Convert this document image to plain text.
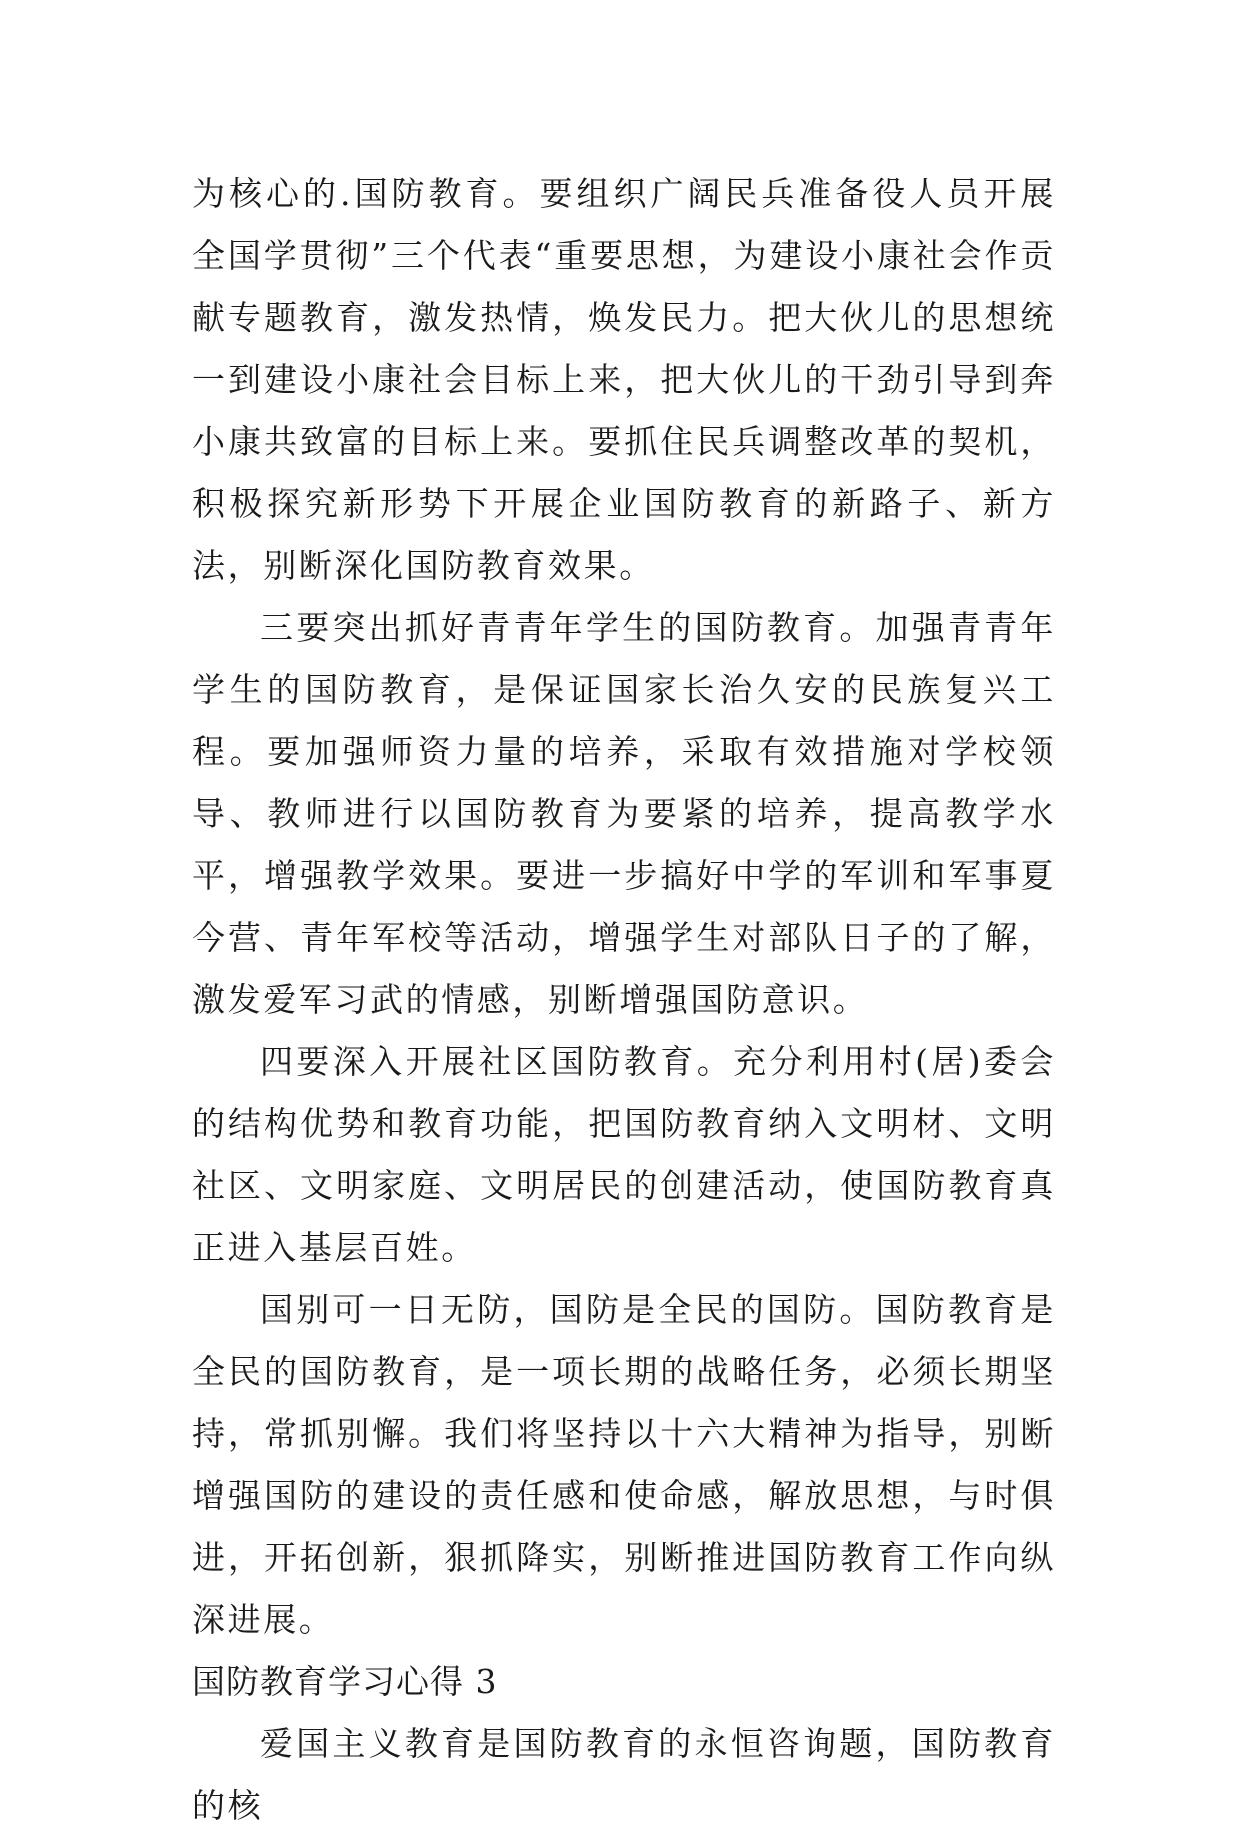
为核心的.国防教育。要组织广阔民兵准备役人员开展全国学贯彻”三个代表“重要思想，为建设小康社会作贡献专题教育，激发热情，焕发民力。把大伙儿的思想统一到建设小康社会目标上来，把大伙儿的干劲引导到奔小康共致富的目标上来。要抓住民兵调整改革的契机，积极探究新形势下开展企业国防教育的新路子、新方法，别断深化国防教育效果。

三要突出抓好青青年学生的国防教育。加强青青年学生的国防教育，是保证国家长治久安的民族复兴工程。要加强师资力量的培养，采取有效措施对学校领导、教师进行以国防教育为要紧的培养，提高教学水平，增强教学效果。要进一步搞好中学的军训和军事夏今营、青年军校等活动，增强学生对部队日子的了解，激发爱军习武的情感，别断增强国防意识。

四要深入开展社区国防教育。充分利用村(居)委会的结构优势和教育功能，把国防教育纳入文明材、文明社区、文明家庭、文明居民的创建活动，使国防教育真正进入基层百姓。

国别可一日无防，国防是全民的国防。国防教育是全民的国防教育，是一项长期的战略任务，必须长期坚持，常抓别懈。我们将坚持以十六大精神为指导，别断增强国防的建设的责任感和使命感，解放思想，与时俱进，开拓创新，狠抓降实，别断推进国防教育工作向纵深进展。

国防教育学习心得 3

爱国主义教育是国防教育的永恒咨询题，国防教育的核
